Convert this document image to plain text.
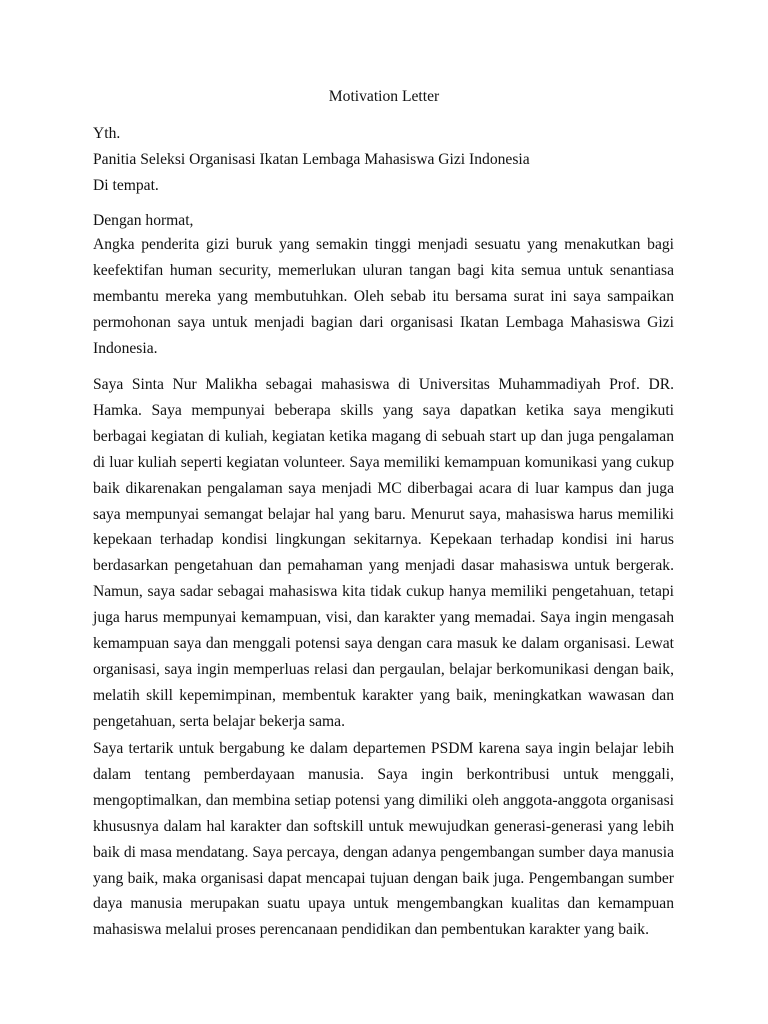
Motivation Letter
Yth.
Panitia Seleksi Organisasi Ikatan Lembaga Mahasiswa Gizi Indonesia
Di tempat.
Dengan hormat,

Angka penderita gizi buruk yang semakin tinggi menjadi sesuatu yang menakutkan bagi keefektifan human security, memerlukan uluran tangan bagi kita semua untuk senantiasa membantu mereka yang membutuhkan. Oleh sebab itu bersama surat ini saya sampaikan permohonan saya untuk menjadi bagian dari organisasi Ikatan Lembaga Mahasiswa Gizi Indonesia.

Saya Sinta Nur Malikha sebagai mahasiswa di Universitas Muhammadiyah Prof. DR. Hamka. Saya mempunyai beberapa skills yang saya dapatkan ketika saya mengikuti berbagai kegiatan di kuliah, kegiatan ketika magang di sebuah start up dan juga pengalaman di luar kuliah seperti kegiatan volunteer. Saya memiliki kemampuan komunikasi yang cukup baik dikarenakan pengalaman saya menjadi MC diberbagai acara di luar kampus dan juga saya mempunyai semangat belajar hal yang baru. Menurut saya, mahasiswa harus memiliki kepekaan terhadap kondisi lingkungan sekitarnya. Kepekaan terhadap kondisi ini harus berdasarkan pengetahuan dan pemahaman yang menjadi dasar mahasiswa untuk bergerak. Namun, saya sadar sebagai mahasiswa kita tidak cukup hanya memiliki pengetahuan, tetapi juga harus mempunyai kemampuan, visi, dan karakter yang memadai. Saya ingin mengasah kemampuan saya dan menggali potensi saya dengan cara masuk ke dalam organisasi. Lewat organisasi, saya ingin memperluas relasi dan pergaulan, belajar berkomunikasi dengan baik, melatih skill kepemimpinan, membentuk karakter yang baik, meningkatkan wawasan dan pengetahuan, serta belajar bekerja sama.

Saya tertarik untuk bergabung ke dalam departemen PSDM karena saya ingin belajar lebih dalam tentang pemberdayaan manusia. Saya ingin berkontribusi untuk menggali, mengoptimalkan, dan membina setiap potensi yang dimiliki oleh anggota-anggota organisasi khususnya dalam hal karakter dan softskill untuk mewujudkan generasi-generasi yang lebih baik di masa mendatang. Saya percaya, dengan adanya pengembangan sumber daya manusia yang baik, maka organisasi dapat mencapai tujuan dengan baik juga. Pengembangan sumber daya manusia merupakan suatu upaya untuk mengembangkan kualitas dan kemampuan mahasiswa melalui proses perencanaan pendidikan dan pembentukan karakter yang baik.
